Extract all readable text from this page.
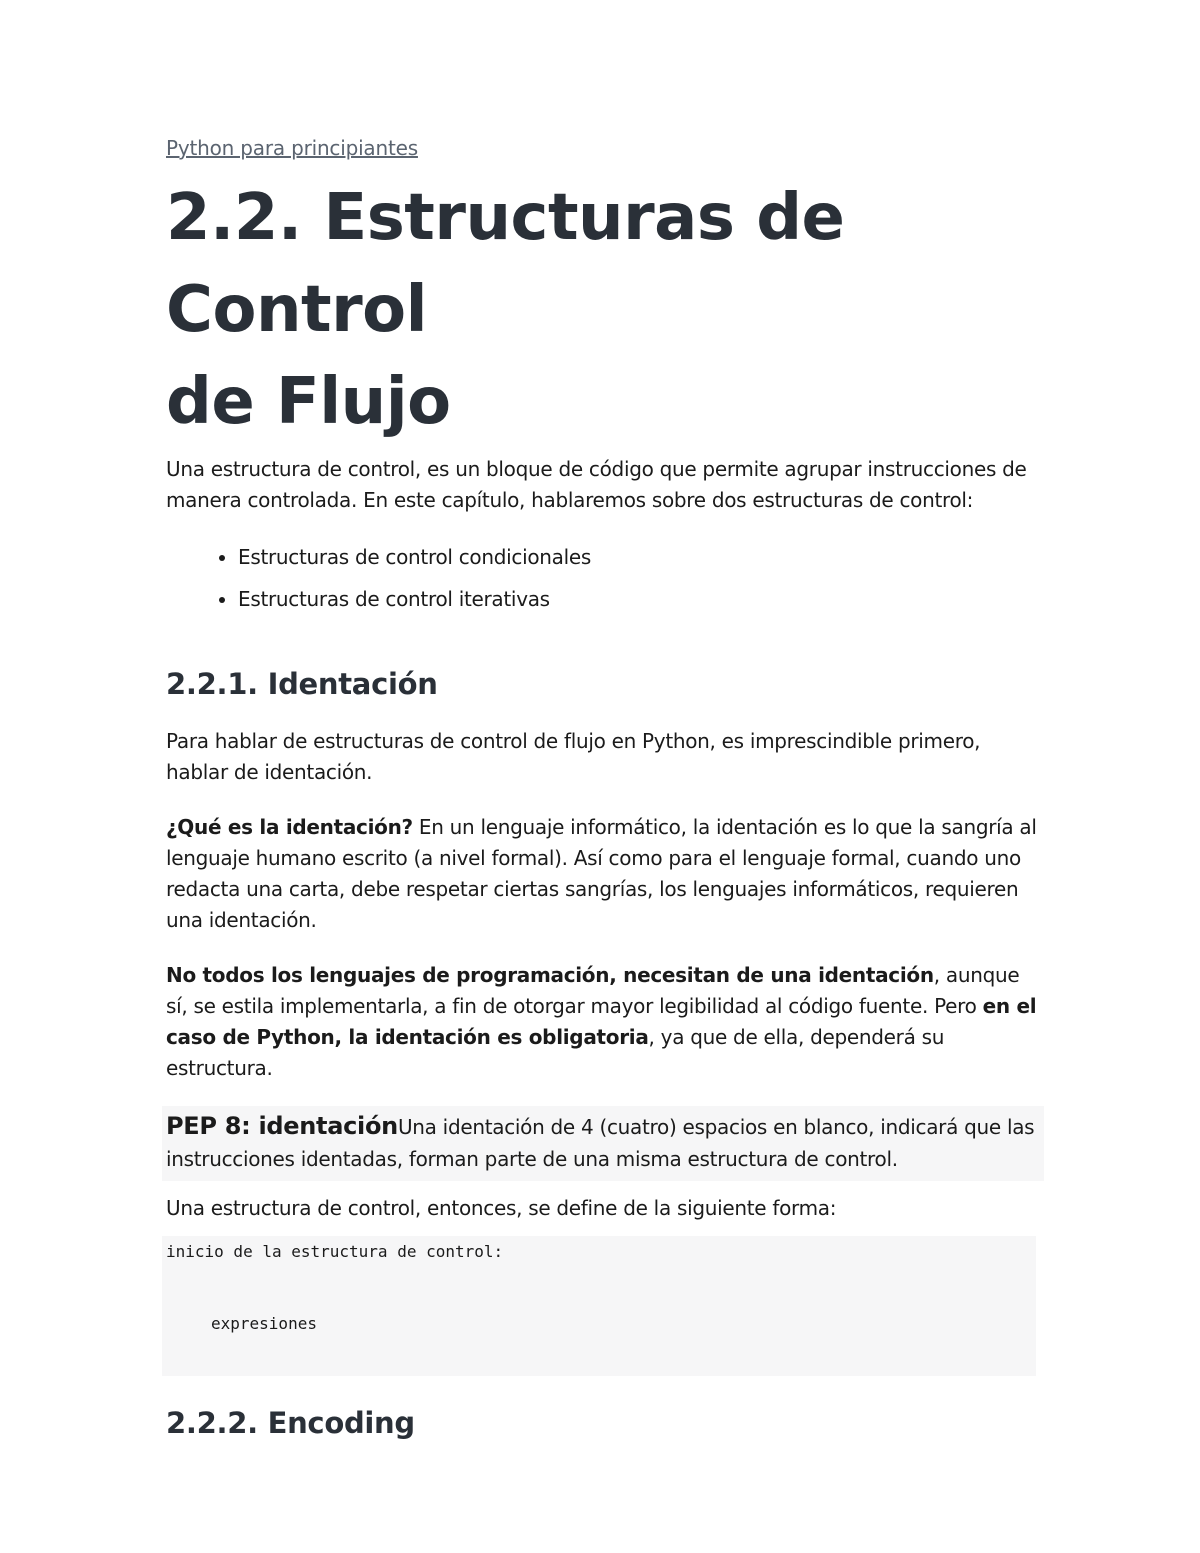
Python para principiantes
2.2. Estructuras de Control
de Flujo

Una estructura de control, es un bloque de código que permite agrupar instrucciones de manera controlada. En este capítulo, hablaremos sobre dos estructuras de control:

• Estructuras de control condicionales
• Estructuras de control iterativas
2.2.1. Identación

Para hablar de estructuras de control de flujo en Python, es imprescindible primero, hablar de identación.

¿Qué es la identación? En un lenguaje informático, la identación es lo que la sangría al lenguaje humano escrito (a nivel formal). Así como para el lenguaje formal, cuando uno redacta una carta, debe respetar ciertas sangrías, los lenguajes informáticos, requieren una identación.

No todos los lenguajes de programación, necesitan de una identación, aunque sí, se estila implementarla, a fin de otorgar mayor legibilidad al código fuente. Pero en el caso de Python, la identación es obligatoria, ya que de ella, dependerá su estructura.

PEP 8: identaciónUna identación de 4 (cuatro) espacios en blanco, indicará que las instrucciones identadas, forman parte de una misma estructura de control.

Una estructura de control, entonces, se define de la siguiente forma:

inicio de la estructura de control:
expresiones
2.2.2. Encoding
